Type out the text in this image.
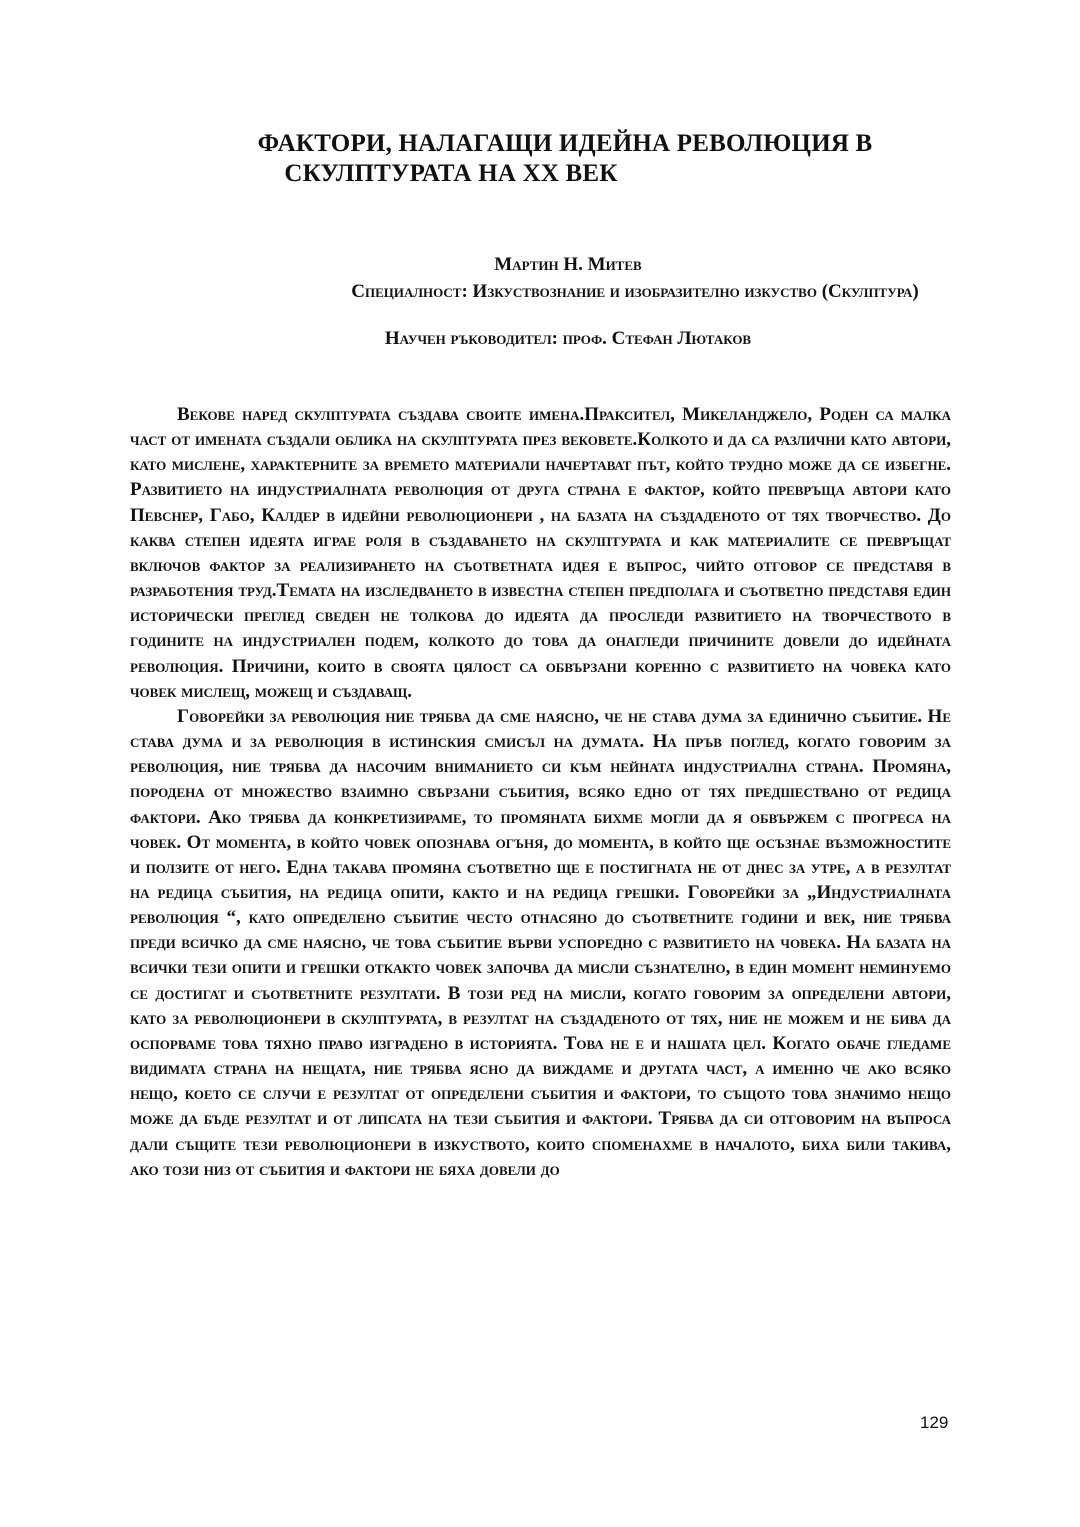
ФАКТОРИ, НАЛАГАЩИ ИДЕЙНА РЕВОЛЮЦИЯ В
СКУЛПТУРАТА НА ХХ ВЕК
Мартин Н. Митев
Специалност: Изкуствознание и изобразително изкуство (Скулптура)
Научен ръководител: проф. Стефан Лютаков

Векове наред скулптурата създава своите имена.Праксител, Микеланджело, Роден са малка част от имената създали облика на скулптурата през вековете.Колкото и да са различни като автори, като мислене, характерните за времето материали начертават път, който трудно може да се избегне. Развитието на индустриалната революция от друга страна е фактор, който превръща автори като Певснер, Габо, Калдер в идейни революционери , на базата на създаденото от тях творчество. До каква степен идеята играе роля в създаването на скулптурата и как материалите се превръщат включов фактор за реализирането на съответната идея е въпрос, чийто отговор се представя в разработения труд.Темата на изследването в известна степен предполага и съответно представя един исторически преглед сведен не толкова до идеята да проследи развитието на творчеството в годините на индустриален подем, колкото до това да онагледи причините довели до идейната революция. Причини, които в своята цялост са обвързани коренно с развитието на човека като човек мислещ, можещ и създаващ.

Говорейки за революция ние трябва да сме наясно, че не става дума за единично събитие. Не става дума и за революция в истинския смисъл на думата. На пръв поглед, когато говорим за революция, ние трябва да насочим вниманието си към нейната индустриална страна. Промяна, породена от множество взаимно свързани събития, всяко едно от тях предшествано от редица фактори. Ако трябва да конкретизираме, то промяната бихме могли да я обвържем с прогреса на човек. От момента, в който човек опознава огъня, до момента, в който ще осъзнае възможностите и ползите от него. Една такава промяна съответно ще е постигната не от днес за утре, а в резултат на редица събития, на редица опити, както и на редица грешки. Говорейки за „Индустриалната революция “, като определено събитие често отнасяно до съответните години и век, ние трябва преди всичко да сме наясно, че това събитие върви успоредно с развитието на човека. На базата на всички тези опити и грешки откакто човек започва да мисли съзнателно, в един момент неминуемо се достигат и съответните резултати. В този ред на мисли, когато говорим за определени автори, като за революционери в скулптурата, в резултат на създаденото от тях, ние не можем и не бива да оспорваме това тяхно право изградено в историята. Това не е и нашата цел. Когато обаче гледаме видимата страна на нещата, ние трябва ясно да виждаме и другата част, а именно че ако всяко нещо, което се случи е резултат от определени събития и фактори, то същото това значимо нещо може да бъде резултат и от липсата на тези събития и фактори. Трябва да си отговорим на въпроса дали същите тези революционери в изкуството, които споменахме в началото, биха били такива, ако този низ от събития и фактори не бяха довели до

129
